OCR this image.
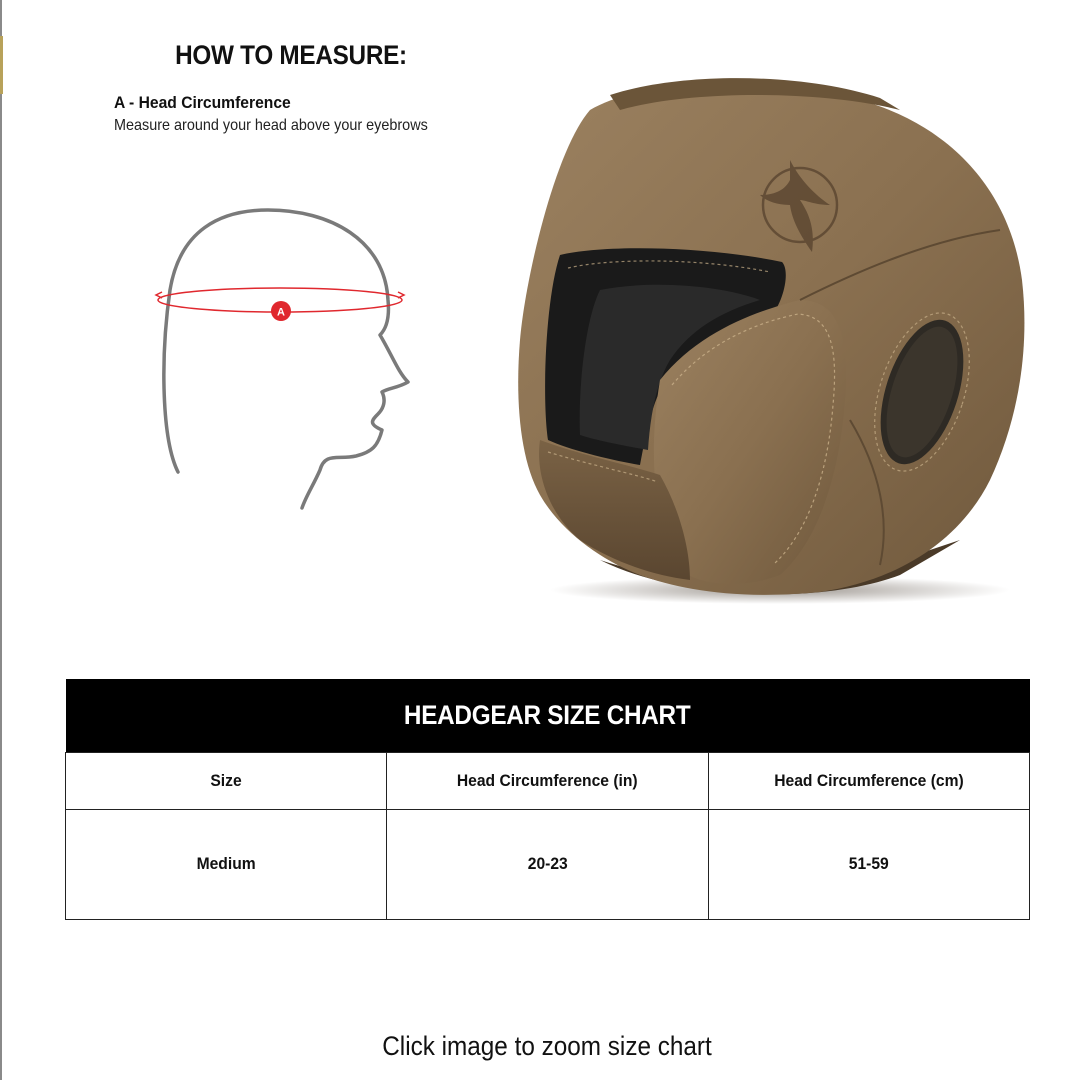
HOW TO MEASURE:
A - Head Circumference
Measure around your head above your eyebrows
A
HEADGEAR SIZE CHART		
Size	Head Circumference (in)	Head Circumference (cm)
Medium	20-23	51-59
Click image to zoom size chart
